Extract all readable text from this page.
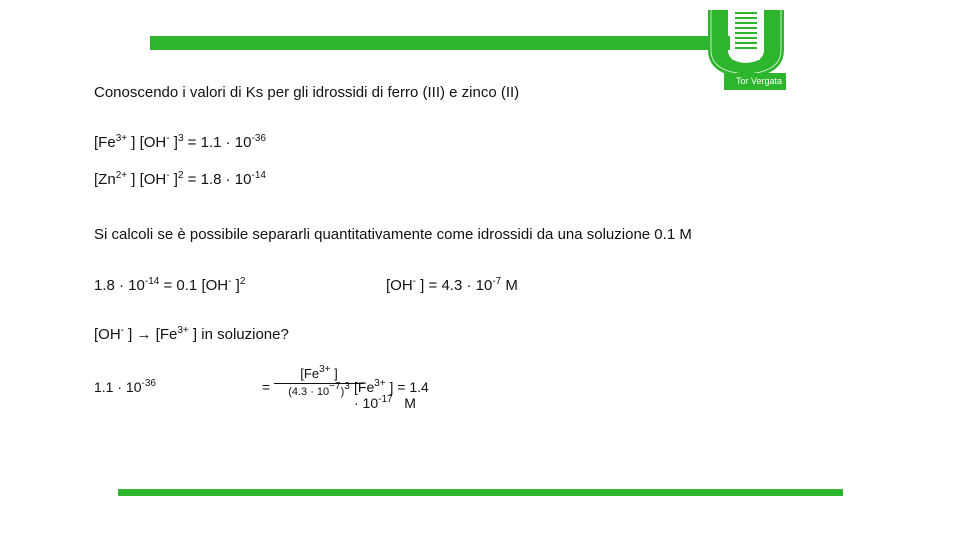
Tor Vergata
Conoscendo i valori di Ks per gli idrossidi di ferro (III) e zinco (II)
[$Fe^{3+}$ ] [OH- ]$^3 = 1.1 \cdot 10^{-36}$
[$Zn^{2+}$ ] [OH- ]$^2 = 1.8 \cdot 10^{-14}$
Si calcoli se è possibile separarli quantitativamente come idrossidi da una soluzione 0.1 M
$1.8 \cdot 10^{-14} = 0.1$ [OH- ]$^2$	[OH- ] = $4.3 \cdot 10^{-7}$ M
[OH- ] → [$Fe^{3+}$ ] in soluzione?
$1.1 \cdot 10^{-36}$	=
[$Fe^{3+}$ ]
$(4.3 \cdot 10^{-7})^3$ [$Fe^{3+}$ ] = $1.4 \cdot 10^{-17}$   M
